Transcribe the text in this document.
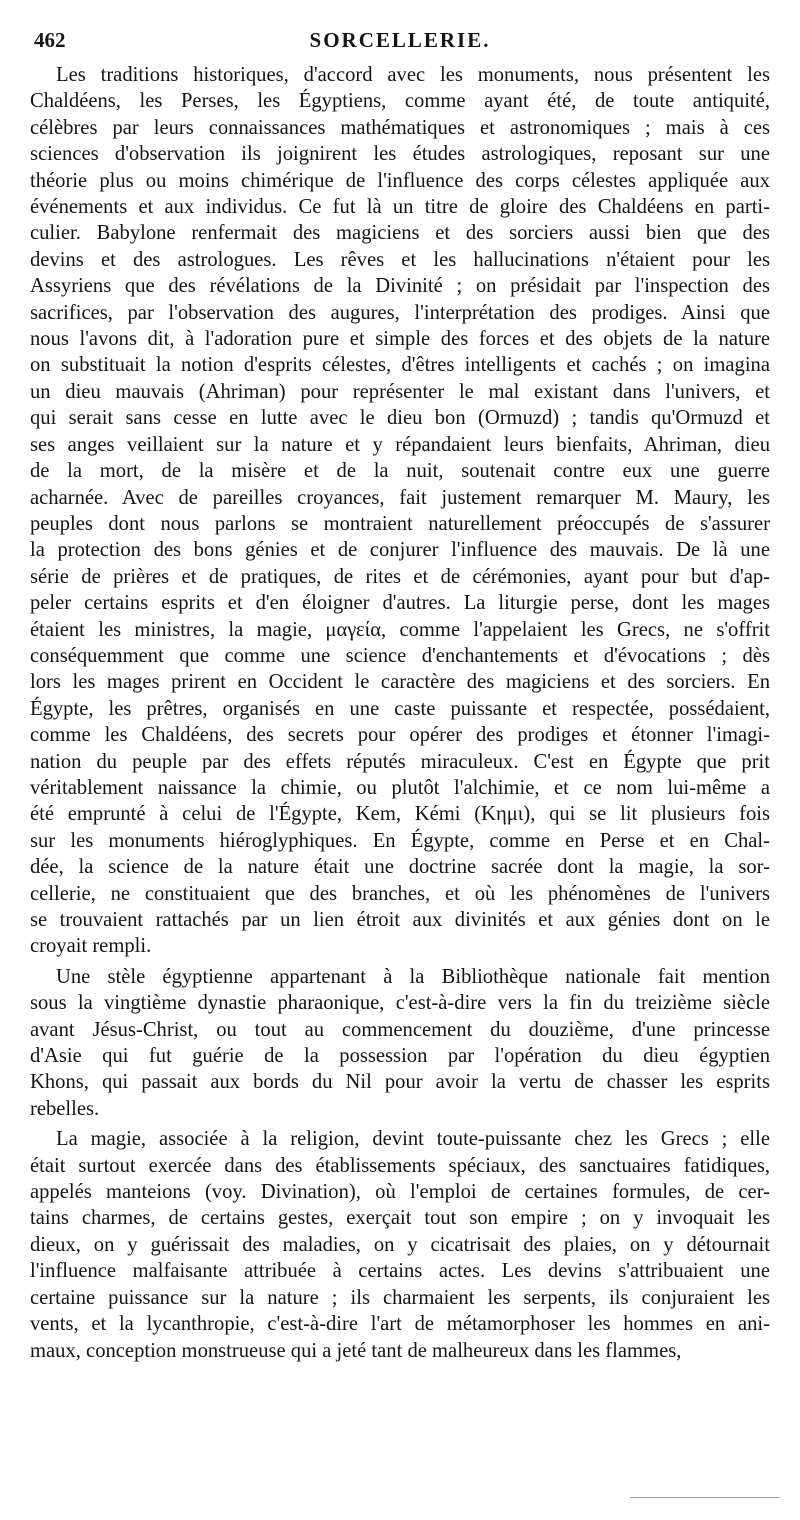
462	SORCELLERIE.

Les traditions historiques, d'accord avec les monuments, nous présentent les
Chaldéens, les Perses, les Égyptiens, comme ayant été, de toute antiquité,
célèbres par leurs connaissances mathématiques et astronomiques ; mais à ces
sciences d'observation ils joignirent les études astrologiques, reposant sur une
théorie plus ou moins chimérique de l'influence des corps célestes appliquée aux
événements et aux individus. Ce fut là un titre de gloire des Chaldéens en parti-
culier. Babylone renfermait des magiciens et des sorciers aussi bien que des
devins et des astrologues. Les rêves et les hallucinations n'étaient pour les
Assyriens que des révélations de la Divinité ; on présidait par l'inspection des
sacrifices, par l'observation des augures, l'interprétation des prodiges. Ainsi que
nous l'avons dit, à l'adoration pure et simple des forces et des objets de la nature
on substituait la notion d'esprits célestes, d'êtres intelligents et cachés ; on imagina
un dieu mauvais (Ahriman) pour représenter le mal existant dans l'univers, et
qui serait sans cesse en lutte avec le dieu bon (Ormuzd) ; tandis qu'Ormuzd et
ses anges veillaient sur la nature et y répandaient leurs bienfaits, Ahriman, dieu
de la mort, de la misère et de la nuit, soutenait contre eux une guerre
acharnée. Avec de pareilles croyances, fait justement remarquer M. Maury, les
peuples dont nous parlons se montraient naturellement préoccupés de s'assurer
la protection des bons génies et de conjurer l'influence des mauvais. De là une
série de prières et de pratiques, de rites et de cérémonies, ayant pour but d'ap-
peler certains esprits et d'en éloigner d'autres. La liturgie perse, dont les mages
étaient les ministres, la magie, μαγεία, comme l'appelaient les Grecs, ne s'offrit
conséquemment que comme une science d'enchantements et d'évocations ; dès
lors les mages prirent en Occident le caractère des magiciens et des sorciers. En
Égypte, les prêtres, organisés en une caste puissante et respectée, possédaient,
comme les Chaldéens, des secrets pour opérer des prodiges et étonner l'imagi-
nation du peuple par des effets réputés miraculeux. C'est en Égypte que prit
véritablement naissance la chimie, ou plutôt l'alchimie, et ce nom lui-même a
été emprunté à celui de l'Égypte, Kem, Kémi (Κημι), qui se lit plusieurs fois
sur les monuments hiéroglyphiques. En Égypte, comme en Perse et en Chal-
dée, la science de la nature était une doctrine sacrée dont la magie, la sor-
cellerie, ne constituaient que des branches, et où les phénomènes de l'univers
se trouvaient rattachés par un lien étroit aux divinités et aux génies dont on le
croyait rempli.

Une stèle égyptienne appartenant à la Bibliothèque nationale fait mention
sous la vingtième dynastie pharaonique, c'est-à-dire vers la fin du treizième siècle
avant Jésus-Christ, ou tout au commencement du douzième, d'une princesse
d'Asie qui fut guérie de la possession par l'opération du dieu égyptien
Khons, qui passait aux bords du Nil pour avoir la vertu de chasser les esprits
rebelles.

La magie, associée à la religion, devint toute-puissante chez les Grecs ; elle
était surtout exercée dans des établissements spéciaux, des sanctuaires fatidiques,
appelés manteions (voy. Divination), où l'emploi de certaines formules, de cer-
tains charmes, de certains gestes, exerçait tout son empire ; on y invoquait les
dieux, on y guérissait des maladies, on y cicatrisait des plaies, on y détournait
l'influence malfaisante attribuée à certains actes. Les devins s'attribuaient une
certaine puissance sur la nature ; ils charmaient les serpents, ils conjuraient les
vents, et la lycanthropie, c'est-à-dire l'art de métamorphoser les hommes en ani-
maux, conception monstrueuse qui a jeté tant de malheureux dans les flammes,
